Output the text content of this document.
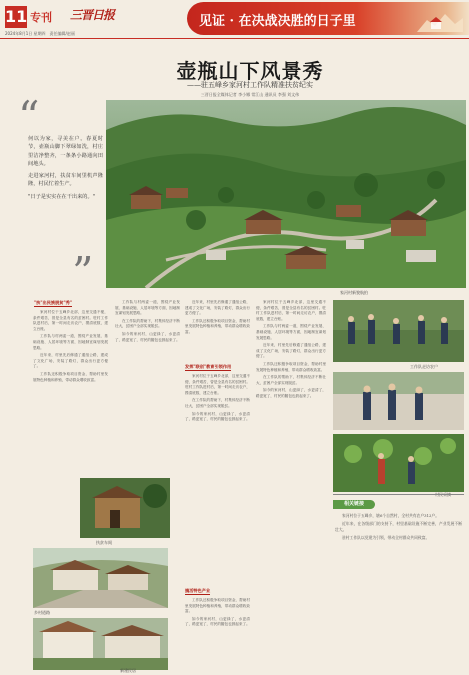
11 专刊 三晋日报
2024年8月1日 星期四　责任编辑/赵丽
见证 · 在决战决胜的日子里
壶瓶山下风景秀
——驻五峰乡家河村工作队精准扶贫纪实
三晋日报全媒体记者 李小娜 常江山 通讯员 李强 刘文伟
“

何以为家，寻美在户。春夏时节，壶瓶山脚下翠绿如洗，村庄里洁净整齐，一条条小路通向田间地头。

走进家河村，扶贫车间里机声隆隆，村民忙着生产。

"日子是实实在在干出来的。"

”	家河村新貌航拍
"扶"出民族脱贫"秀"

家河村位于五峰乡北部，这里交通不便，条件艰苦，曾是全县有名的贫困村。驻村工作队进村后，第一时间走访农户，摸清底数，建立台账。

工作队与村两委一道，围绕产业发展、基础设施、人居环境等方面，因地制宜谋划发展思路。

近年来，村里先后修通了通组公路，建成了文化广场，安装了路灯，群众出行更方便了。

工作队还积极争取项目资金，帮助村里发展特色种植和养殖，带动群众增收致富。

扶贫车间
乡村道路
新建民居

工作队与村两委一道，围绕产业发展、基础设施、人居环境等方面，因地制宜谋划发展思路。

在工作队的帮助下，村集体经济不断壮大，贫困户全部实现脱贫。

如今的家河村，山更绿了，水更清了，路更宽了，村民的腰包也鼓起来了。

近年来，村里先后修通了通组公路，建成了文化广场，安装了路灯，群众出行更方便了。

工作队还积极争取项目资金，帮助村里发展特色种植和养殖，带动群众增收致富。

发挥"联创"教育引领作用

家河村位于五峰乡北部，这里交通不便，条件艰苦，曾是全县有名的贫困村。驻村工作队进村后，第一时间走访农户，摸清底数，建立台账。

在工作队的帮助下，村集体经济不断壮大，贫困户全部实现脱贫。

如今的家河村，山更绿了，水更清了，路更宽了，村民的腰包也鼓起来了。

搞活特色产业

工作队还积极争取项目资金，帮助村里发展特色种植和养殖，带动群众增收致富。

如今的家河村，山更绿了，水更清了，路更宽了，村民的腰包也鼓起来了。

家河村位于五峰乡北部，这里交通不便，条件艰苦，曾是全县有名的贫困村。驻村工作队进村后，第一时间走访农户，摸清底数，建立台账。

工作队与村两委一道，围绕产业发展、基础设施、人居环境等方面，因地制宜谋划发展思路。

近年来，村里先后修通了通组公路，建成了文化广场，安装了路灯，群众出行更方便了。

工作队还积极争取项目资金，帮助村里发展特色种植和养殖，带动群众增收致富。

在工作队的帮助下，村集体经济不断壮大，贫困户全部实现脱贫。

如今的家河村，山更绿了，水更清了，路更宽了，村民的腰包也鼓起来了。

工作队走访农户
村民采摘
相关链接

家河村位于五峰乡，辖6个自然村，全村共有农户312户。

近年来，在各级部门的支持下，村里基础设施不断完善，产业发展不断壮大。

驻村工作队以党建为引领，带动全村群众共同致富。
